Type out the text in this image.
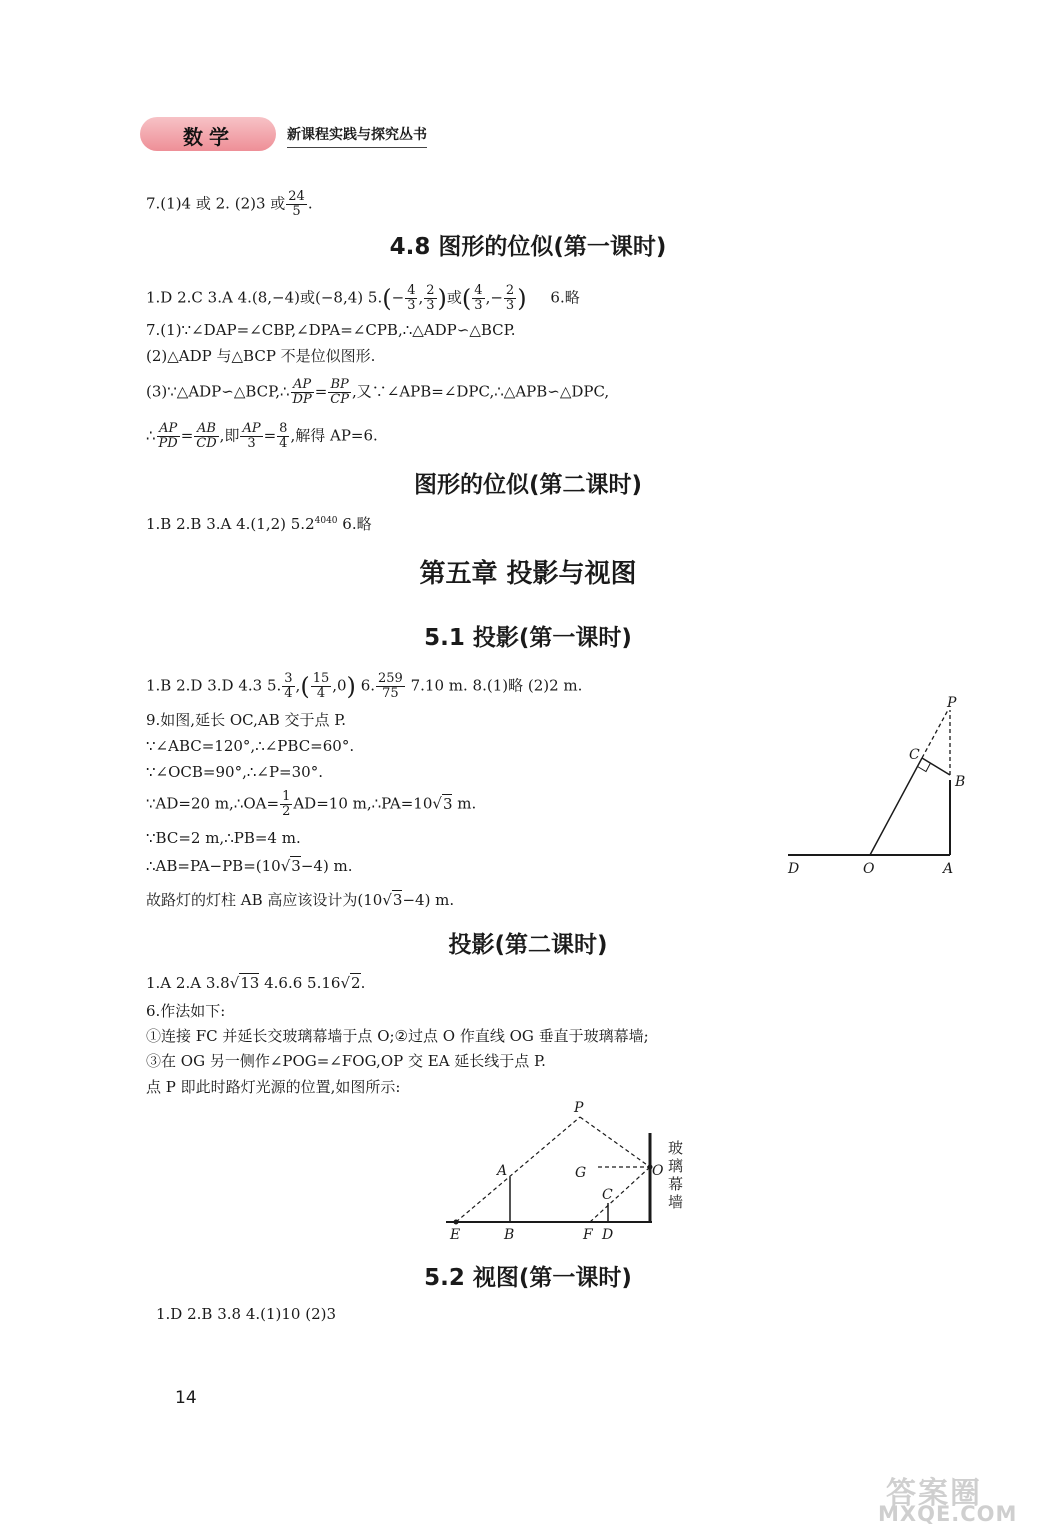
数学	新课程实践与探究丛书
7.(1)4 或 2. (2)3 或 $\frac{24}{5}$ .
4.8 图形的位似(第一课时)
1.D 2.C 3.A 4.(8,−4)或(−8,4) $5.(- \frac{4}{3}$ , $\frac{2}{3}$ )或( $\frac{4}{3}$ ,− $\frac{2}{3}$ ) 6.略
7.(1)∵∠DAP=∠CBP,∠DPA=∠CPB,∴△ADP∽△BCP.
(2)△ADP 与△BCP 不是位似图形.
(3)∵△ADP∽△BCP,∴ $\frac{AP}{DP} = \frac{BP}{CP}$ ,又∵∠APB=∠DPC,∴△APB∽△DPC,
∴ $\frac{AP}{PD} = \frac{AB}{CD}$ ,即 $\frac{AP}{3} = \frac{8}{4}$ ,解得 AP=6.
图形的位似(第二课时)
1.B 2.B 3.A 4.(1,2) $5.2^{4040}$ 6.略
第五章 投影与视图
5.1 投影(第一课时)
1.B 2.D 3.D 4.3 5. $\frac{3}{4}$ ,( $\frac{15}{4} ,0$) 6. $\frac{259}{75} 7.10$ m. 8.(1)略 (2)2 m.
9.如图,延长 OC,AB 交于点 P.
∵∠ABC=120°,∴∠PBC=60°.
∵∠OCB=90°,∴∠P=30°.
∵AD=20 m,∴OA= $\frac{1}{2} AD=10$ m,∴PA=10√3 m.
∵BC=2 m,∴PB=4 m.
∴AB=PA−PB=(10√3−4) m.
故路灯的灯柱 AB 高应该设计为(10√3−4) m.
P
C
B
D	O	A
投影(第二课时)
1.A 2.A 3.8√13 4.6.6 5.16√2.
6.作法如下:
①连接 FC 并延长交玻璃幕墙于点 O;②过点 O 作直线 OG 垂直于玻璃幕墙;
③在 OG 另一侧作∠POG=∠FOG,OP 交 EA 延长线于点 P.
点 P 即此时路灯光源的位置,如图所示:
P
A	G	O
C
E	B	F D
玻
璃
幕
墙
5.2 视图(第一课时)
1.D 2.B 3.8 4.(1)10 (2)3
14
答案圈
MXQE.COM
